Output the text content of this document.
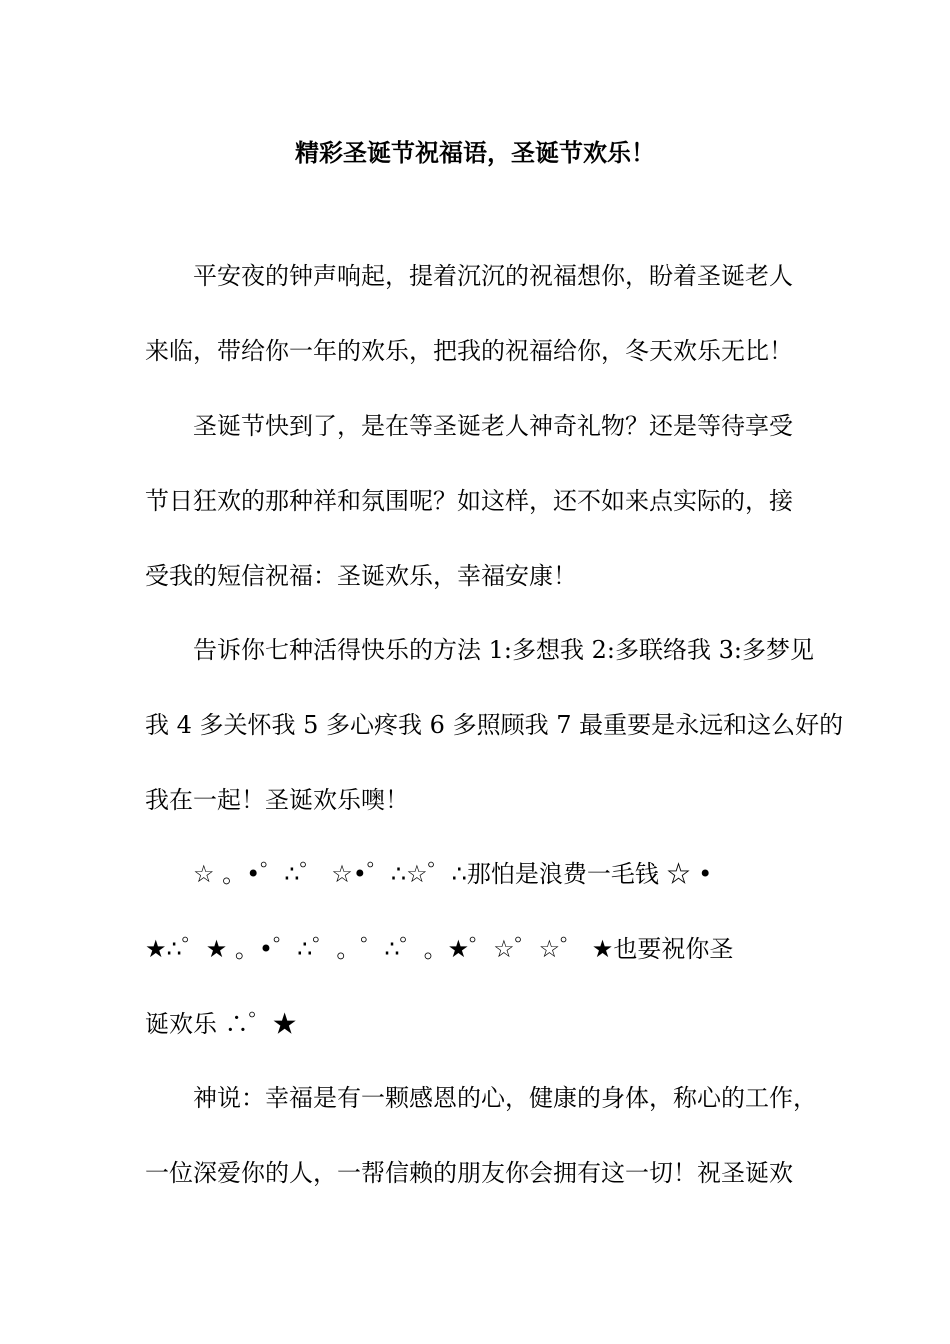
精彩圣诞节祝福语，圣诞节欢乐！
平安夜的钟声响起，提着沉沉的祝福想你，盼着圣诞老人
来临，带给你一年的欢乐，把我的祝福给你，冬天欢乐无比！
圣诞节快到了，是在等圣诞老人神奇礼物？还是等待享受
节日狂欢的那种祥和氛围呢？如这样，还不如来点实际的，接
受我的短信祝福：圣诞欢乐，幸福安康！
告诉你七种活得快乐的方法 1:多想我 2:多联络我 3:多梦见
我 4 多关怀我 5 多心疼我 6 多照顾我 7 最重要是永远和这么好的
我在一起！圣诞欢乐噢！
☆ 。•゜∴゜ ☆•゜∴☆゜∴那怕是浪费一毛钱 ☆ •
★∴゜★ 。•゜∴゜。゜∴゜。★゜☆゜☆゜ ★也要祝你圣
诞欢乐 ∴゜★
神说：幸福是有一颗感恩的心，健康的身体，称心的工作，
一位深爱你的人，一帮信赖的朋友你会拥有这一切！祝圣诞欢
